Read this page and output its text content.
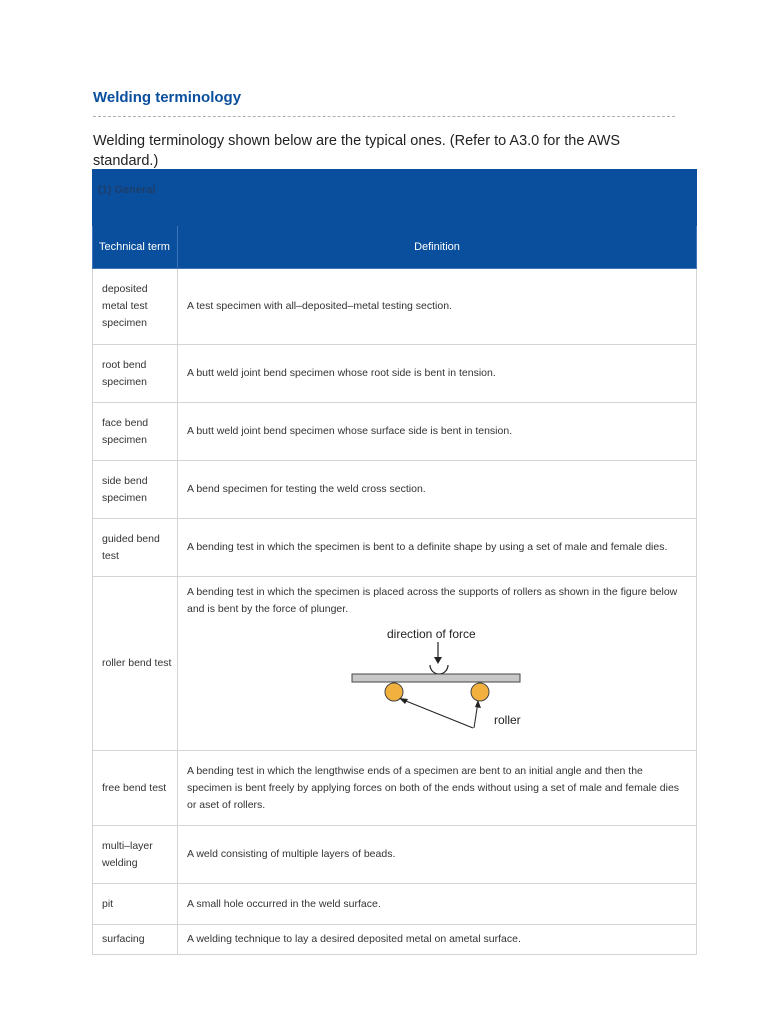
Welding terminology

Welding terminology shown below are the typical ones. (Refer to A3.0 for the AWS standard.)

(1) General	
Technical term	Definition
deposited metal test specimen	A test specimen with all–deposited–metal testing section.
root bend specimen	A butt weld joint bend specimen whose root side is bent in tension.
face bend specimen	A butt weld joint bend specimen whose surface side is bent in tension.
side bend specimen	A bend specimen for testing the weld cross section.
guided bend test	A bending test in which the specimen is bent to a definite shape by using a set of male and female dies.
roller bend test	A bending test in which the specimen is placed across the supports of rollers as shown in the figure below and is bent by the force of plunger.
direction of force
roller

free bend test	A bending test in which the lengthwise ends of a specimen are bent to an initial angle and then the specimen is bent freely by applying forces on both of the ends without using a set of male and female dies or aset of rollers.
multi–layer welding	A weld consisting of multiple layers of beads.
pit	A small hole occurred in the weld surface.
surfacing	A welding technique to lay a desired deposited metal on ametal surface.
